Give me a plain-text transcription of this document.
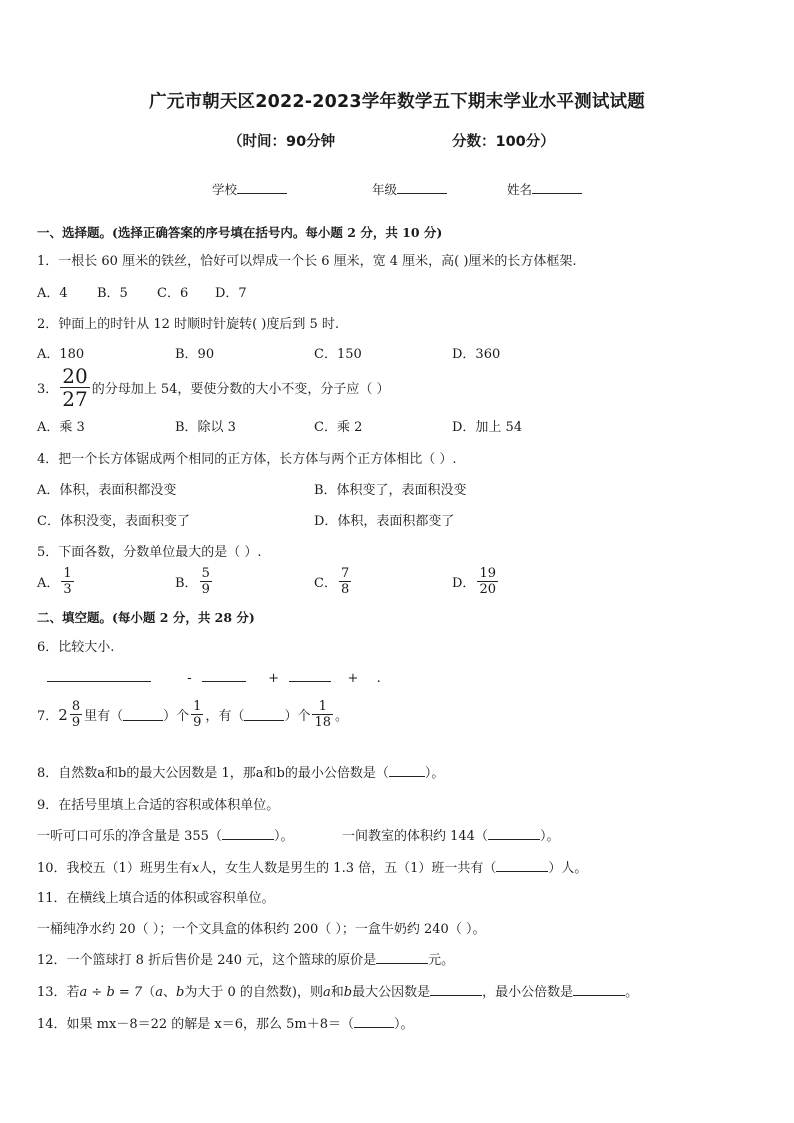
广元市朝天区2022-2023学年数学五下期末学业水平测试试题
（时间：90分钟	分数：100分）
学校	年级	姓名
一、选择题。(选择正确答案的序号填在括号内。每小题 2 分，共 10 分)
1．一根长 60 厘米的铁丝，恰好可以焊成一个长 6 厘米，宽 4 厘米，高( )厘米的长方体框架.
A．4 B．5 C．6 D．7
2．钟面上的时针从 12 时顺时针旋转( )度后到 5 时.
A．180	B．90	C．150	D．360
3． $\frac{20}{27}$ 的分母加上 54，要使分数的大小不变，分子应（ ）
A．乘 3	B．除以 3	C．乘 2	D．加上 54
4．把一个长方体锯成两个相同的正方体，长方体与两个正方体相比（ ）.
A．体积，表面积都没变	B．体积变了，表面积没变
C．体积没变，表面积变了	D．体积，表面积都变了
5．下面各数，分数单位最大的是（ ）.
A． $\frac{1}{3}$	B． $\frac{5}{9}$	C． $\frac{7}{8}$	D． $\frac{19}{20}$
二、填空题。(每小题 2 分，共 28 分)
6．比较大小.
-	+	+ .
7． $2 \frac{8}{9}$ 里有（	）个 $\frac{1}{9}$ ，有（	）个 $\frac{1}{18}$ 。
8．自然数a和b的最大公因数是 1，那a和b的最小公倍数是（	）。
9．在括号里填上合适的容积或体积单位。
一听可口可乐的净含量是 355（	）。	一间教室的体积约 144（	）。
10．我校五（1）班男生有x人，女生人数是男生的 1.3 倍，五（1）班一共有（	）人。
11．在横线上填合适的体积或容积单位。
一桶纯净水约 20（ ）；一个文具盒的体积约 200（ ）；一盒牛奶约 240（ ）。
12．一个篮球打 8 折后售价是 240 元，这个篮球的原价是	元。
13．若a ÷ b = 7（a、b为大于 0 的自然数)，则a和b最大公因数是	，最小公倍数是	。
14．如果 mx－8＝22 的解是 x＝6，那么 5m＋8＝（	）。
